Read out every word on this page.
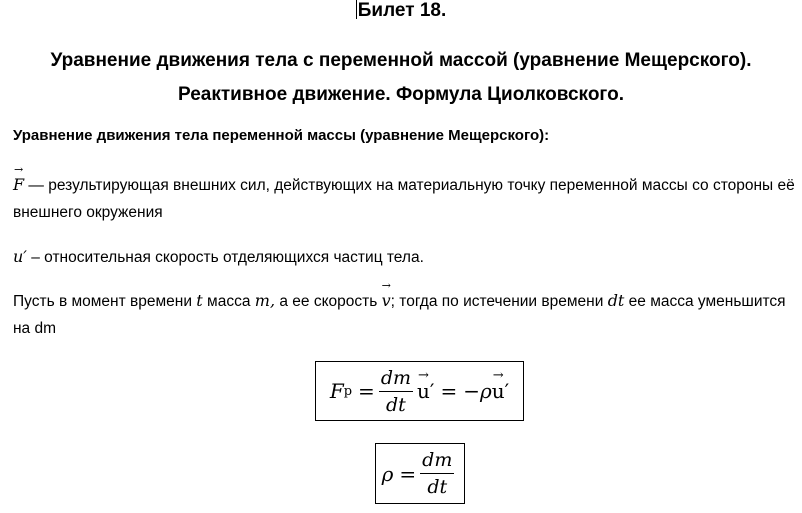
Билет 18.
Уравнение движения тела с переменной массой (уравнение Мещерского).
Реактивное движение. Формула Циолковского.
Уравнение движения тела переменной массы (уравнение Мещерского):
→
F — результирующая внешних сил, действующих на материальную точку переменной массы со стороны её внешнего окружения
u′ – относительная скорость отделяющихся частиц тела.
Пусть в момент времени t масса m, а ее скорость
→
v; тогда по истечении времени dt ее масса уменьшится на dm
F $р = \frac{dm}{dt}$ →
u ′ = −ρ
→
u ′
$\rho = \frac{dm}{dt}$
